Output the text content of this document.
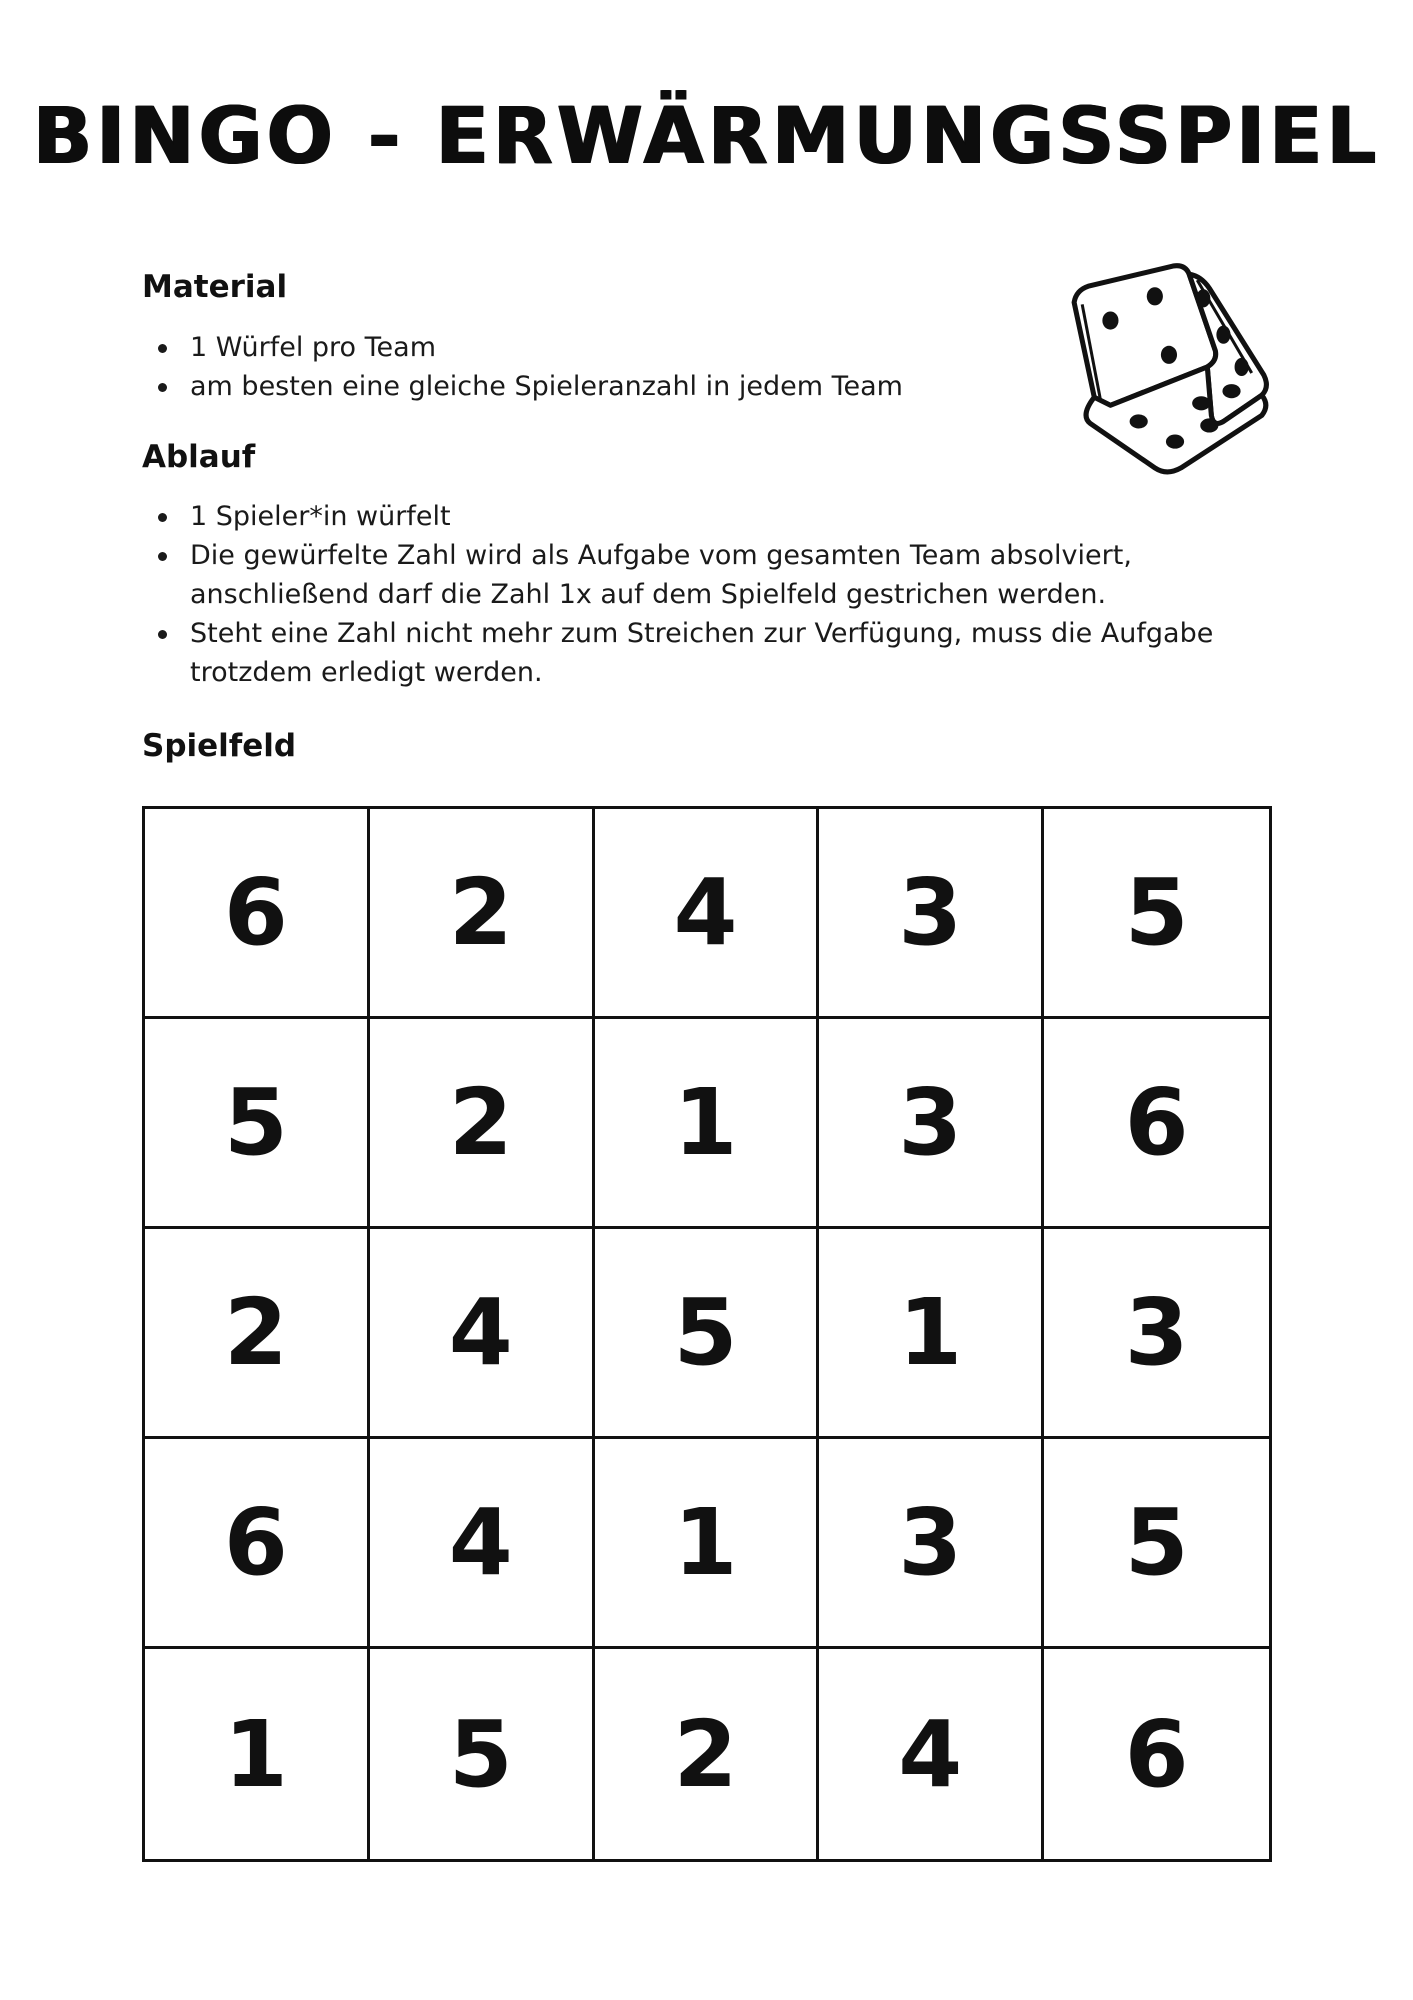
BINGO - ERWÄRMUNGSSPIEL
Material
1 Würfel pro Team
am besten eine gleiche Spieleranzahl in jedem Team
Ablauf
1 Spieler*in würfelt
Die gewürfelte Zahl wird als Aufgabe vom gesamten Team absolviert, anschließend darf die Zahl 1x auf dem Spielfeld gestrichen werden.
Steht eine Zahl nicht mehr zum Streichen zur Verfügung, muss die Aufgabe trotzdem erledigt werden.
Spielfeld
6	2	4	3	5
5	2	1	3	6
2	4	5	1	3
6	4	1	3	5
1	5	2	4	6
